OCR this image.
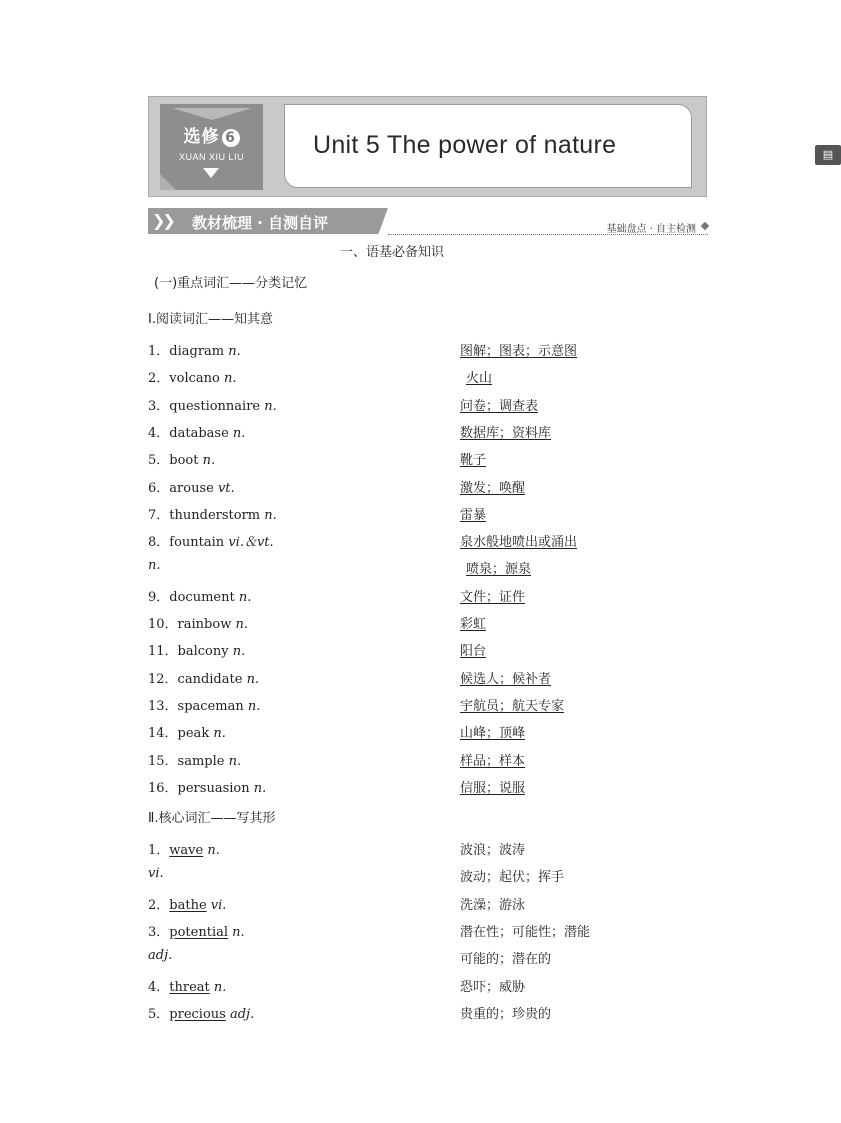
选修 6
XUAN XIU LIU	Unit 5 The power of nature	▤
❯❯ 教材梳理 · 自测自评	基础盘点 · 自主检测
一、语基必备知识
(一)重点词汇——分类记忆
Ⅰ.阅读词汇——知其意
1．diagram n.	图解；图表；示意图
2．volcano n.	火山
3．questionnaire n.	问卷；调查表
4．database n.	数据库；资料库
5．boot n.	靴子
6．arouse vt.	激发；唤醒
7．thunderstorm n.	雷暴
8．fountain vi.＆vt.	泉水般地喷出或涌出
n.	喷泉；源泉
9．document n.	文件；证件
10．rainbow n.	彩虹
11．balcony n.	阳台
12．candidate n.	候选人；候补者
13．spaceman n.	宇航员；航天专家
14．peak n.	山峰；顶峰
15．sample n.	样品；样本
16．persuasion n.	信服；说服
Ⅱ.核心词汇——写其形
1．wave n.	波浪；波涛
vi.	波动；起伏；挥手
2．bathe vi.	洗澡；游泳
3．potential n.	潜在性；可能性；潜能
adj.	可能的；潜在的
4．threat n.	恐吓；威胁
5．precious adj.	贵重的；珍贵的
